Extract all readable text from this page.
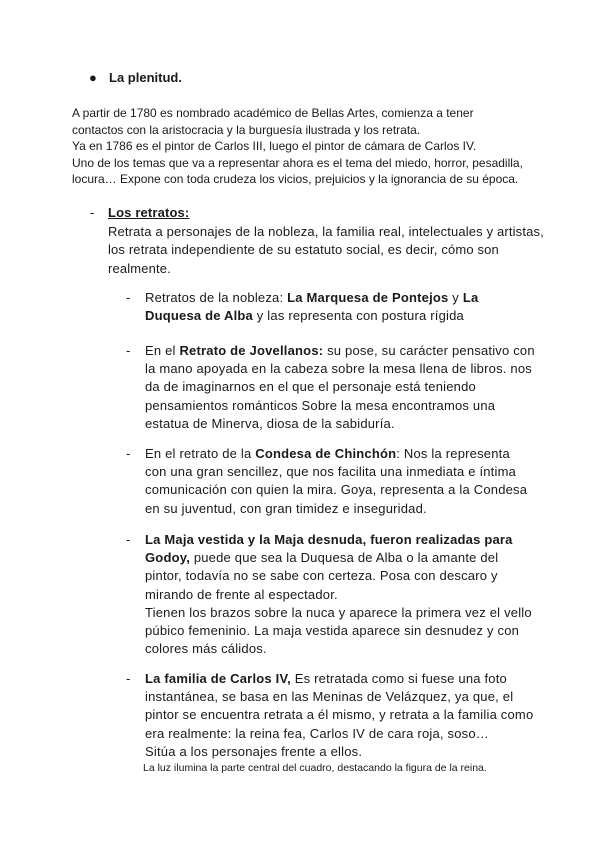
● La plenitud.

A partir de 1780 es nombrado académico de Bellas Artes, comienza a tener

contactos con la aristocracia y la burguesía ilustrada y los retrata.

Ya en 1786 es el pintor de Carlos III, luego el pintor de cámara de Carlos IV.

Uno de los temas que va a representar ahora es el tema del miedo, horror, pesadilla,

locura… Expone con toda crudeza los vicios, prejuicios y la ignorancia de su época.

- Los retratos:
Retrata a personajes de la nobleza, la familia real, intelectuales y artistas, los retrata independiente de su estatuto social, es decir, cómo son realmente.
- Retratos de la nobleza: La Marquesa de Pontejos y La Duquesa de Alba y las representa con postura rígida
- En el Retrato de Jovellanos: su pose, su carácter pensativo con la mano apoyada en la cabeza sobre la mesa llena de libros. nos da de imaginarnos en el que el personaje está teniendo pensamientos románticos Sobre la mesa encontramos una estatua de Minerva, diosa de la sabiduría.
- En el retrato de la Condesa de Chinchón: Nos la representa con una gran sencillez, que nos facilita una inmediata e íntima comunicación con quien la mira. Goya, representa a la Condesa en su juventud, con gran timidez e inseguridad.
- La Maja vestida y la Maja desnuda, fueron realizadas para Godoy, puede que sea la Duquesa de Alba o la amante del pintor, todavía no se sabe con certeza. Posa con descaro y mirando de frente al espectador.
Tienen los brazos sobre la nuca y aparece la primera vez el vello púbico femeninio. La maja vestida aparece sin desnudez y con colores más cálidos.
- La familia de Carlos IV, Es retratada como si fuese una foto instantánea, se basa en las Meninas de Velázquez, ya que, el pintor se encuentra retrata a él mismo, y retrata a la familia como era realmente: la reina fea, Carlos IV de cara roja, soso…
Sitúa a los personajes frente a ellos.
La luz ilumina la parte central del cuadro, destacando la figura de la reina.
